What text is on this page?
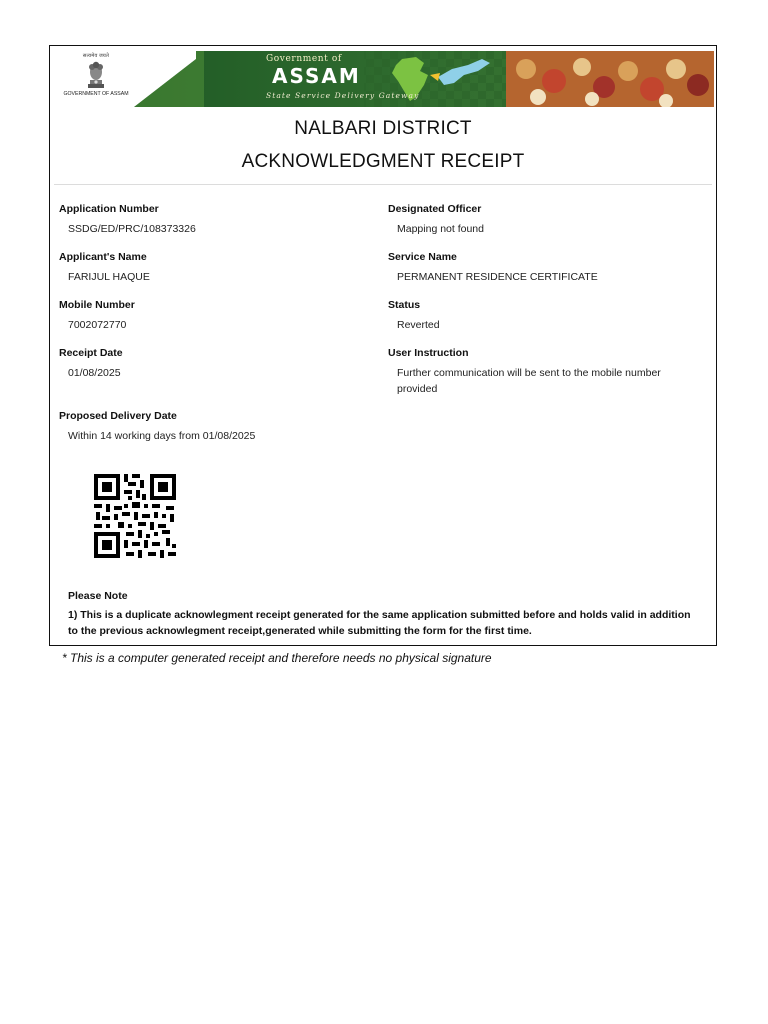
सत्यमेव जयते
GOVERNMENT OF ASSAM
Government of
ASSAM
State Service Delivery Gateway
NALBARI DISTRICT
ACKNOWLEDGMENT RECEIPT
Application Number
SSDG/ED/PRC/108373326
Applicant's Name
FARIJUL HAQUE
Mobile Number
7002072770
Receipt Date
01/08/2025
Proposed Delivery Date
Within 14 working days from 01/08/2025
Designated Officer
Mapping not found
Service Name
PERMANENT RESIDENCE CERTIFICATE
Status
Reverted
User Instruction
Further communication will be sent to the mobile number provided
Please Note
1) This is a duplicate acknowlegment receipt generated for the same application submitted before and holds valid in addition to the previous acknowlegment receipt,generated while submitting the form for the first time.
* This is a computer generated receipt and therefore needs no physical signature
